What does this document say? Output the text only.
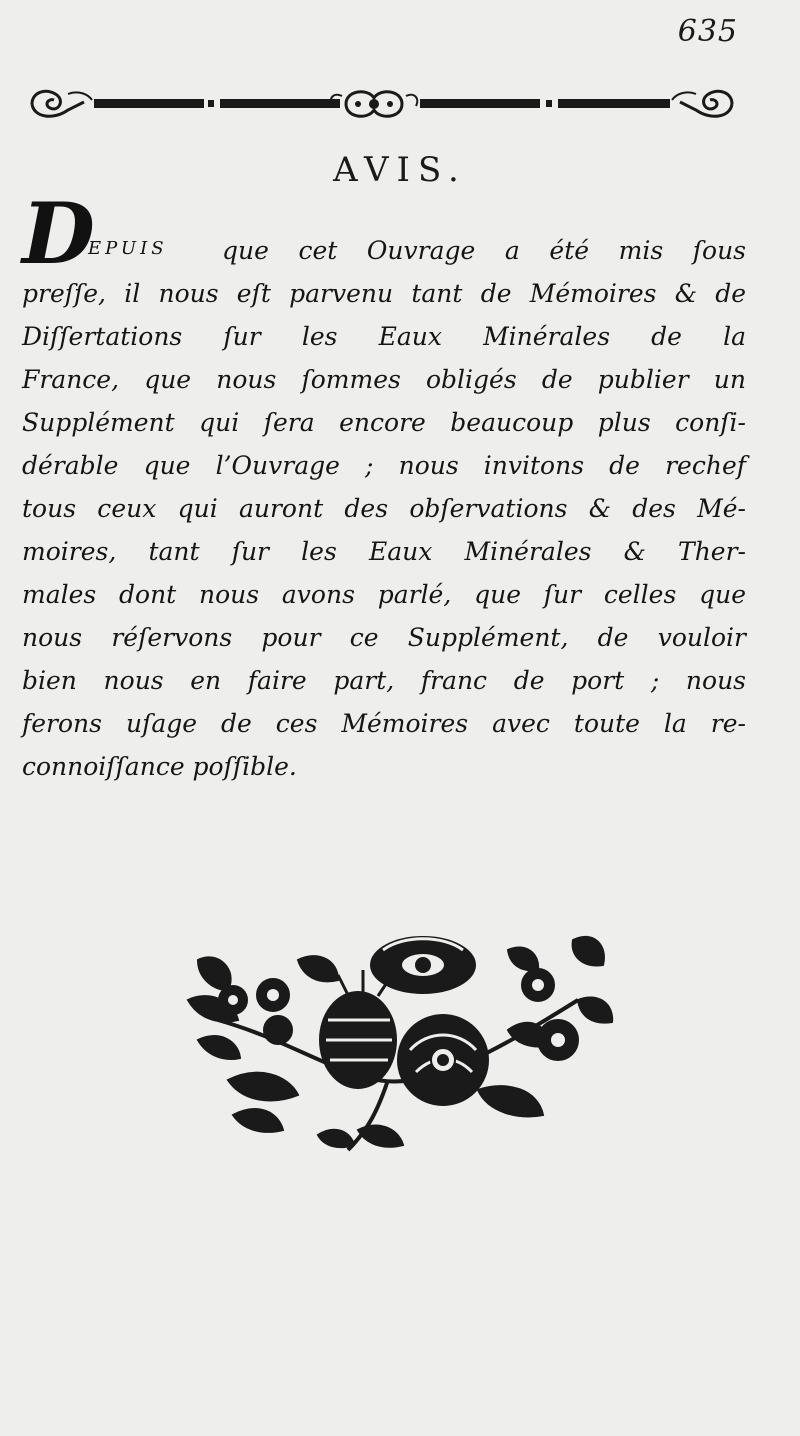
635
AVIS.
D
EPUIS que cet Ouvrage a été mis ſous
preſſe, il nous eſt parvenu tant de Mémoires & de
Diſſertations ſur les Eaux Minérales de la
France, que nous ſommes obligés de publier un
Supplément qui ſera encore beaucoup plus conſi-
dérable que l’Ouvrage ; nous invitons de rechef
tous ceux qui auront des obſervations & des Mé-
moires, tant ſur les Eaux Minérales & Ther-
males dont nous avons parlé, que ſur celles que
nous réſervons pour ce Supplément, de vouloir
bien nous en faire part, franc de port ; nous
ferons uſage de ces Mémoires avec toute la re-
connoiſſance poſſible.
